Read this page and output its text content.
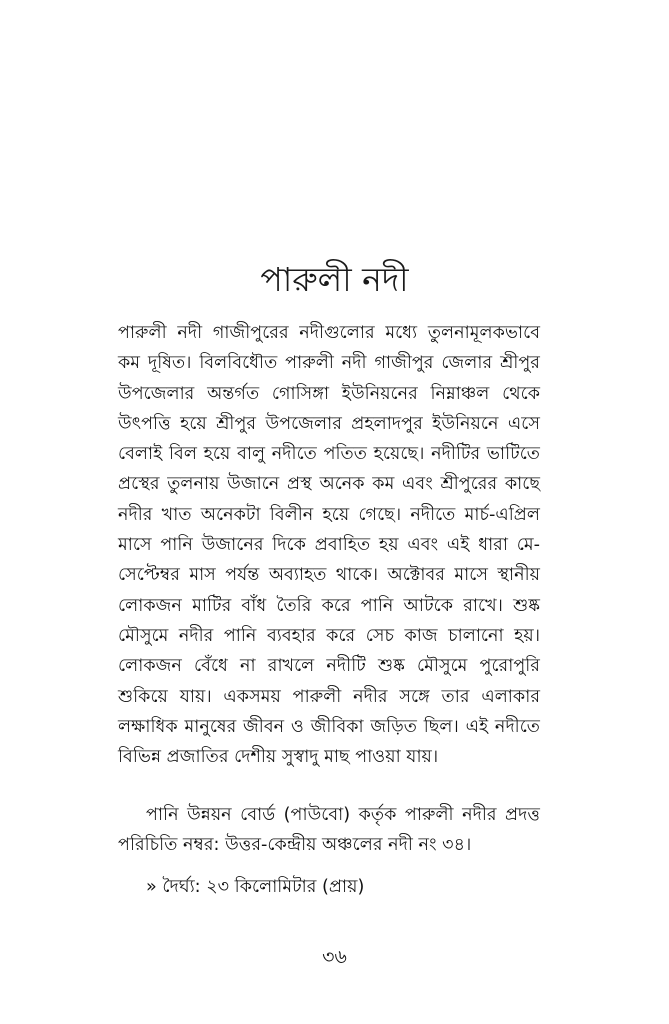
পারুলী নদী

পারুলী নদী গাজীপুরের নদীগুলোর মধ্যে তুলনামূলকভাবে কম দূষিত। বিলবিধৌত পারুলী নদী গাজীপুর জেলার শ্রীপুর উপজেলার অন্তর্গত গোসিঙ্গা ইউনিয়নের নিম্নাঞ্চল থেকে উৎপত্তি হয়ে শ্রীপুর উপজেলার প্রহলাদপুর ইউনিয়নে এসে বেলাই বিল হয়ে বালু নদীতে পতিত হয়েছে। নদীটির ভাটিতে প্রস্থের তুলনায় উজানে প্রস্থ অনেক কম এবং শ্রীপুরের কাছে নদীর খাত অনেকটা বিলীন হয়ে গেছে। নদীতে মার্চ-এপ্রিল মাসে পানি উজানের দিকে প্রবাহিত হয় এবং এই ধারা মে-সেপ্টেম্বর মাস পর্যন্ত অব্যাহত থাকে। অক্টোবর মাসে স্থানীয় লোকজন মাটির বাঁধ তৈরি করে পানি আটকে রাখে। শুষ্ক মৌসুমে নদীর পানি ব্যবহার করে সেচ কাজ চালানো হয়। লোকজন বেঁধে না রাখলে নদীটি শুষ্ক মৌসুমে পুরোপুরি শুকিয়ে যায়। একসময় পারুলী নদীর সঙ্গে তার এলাকার লক্ষাধিক মানুষের জীবন ও জীবিকা জড়িত ছিল। এই নদীতে বিভিন্ন প্রজাতির দেশীয় সুস্বাদু মাছ পাওয়া যায়।

পানি উন্নয়ন বোর্ড (পাউবো) কর্তৃক পারুলী নদীর প্রদত্ত পরিচিতি নম্বর: উত্তর-কেন্দ্রীয় অঞ্চলের নদী নং ৩৪।

» দৈর্ঘ্য: ২৩ কিলোমিটার (প্রায়)

৩৬
